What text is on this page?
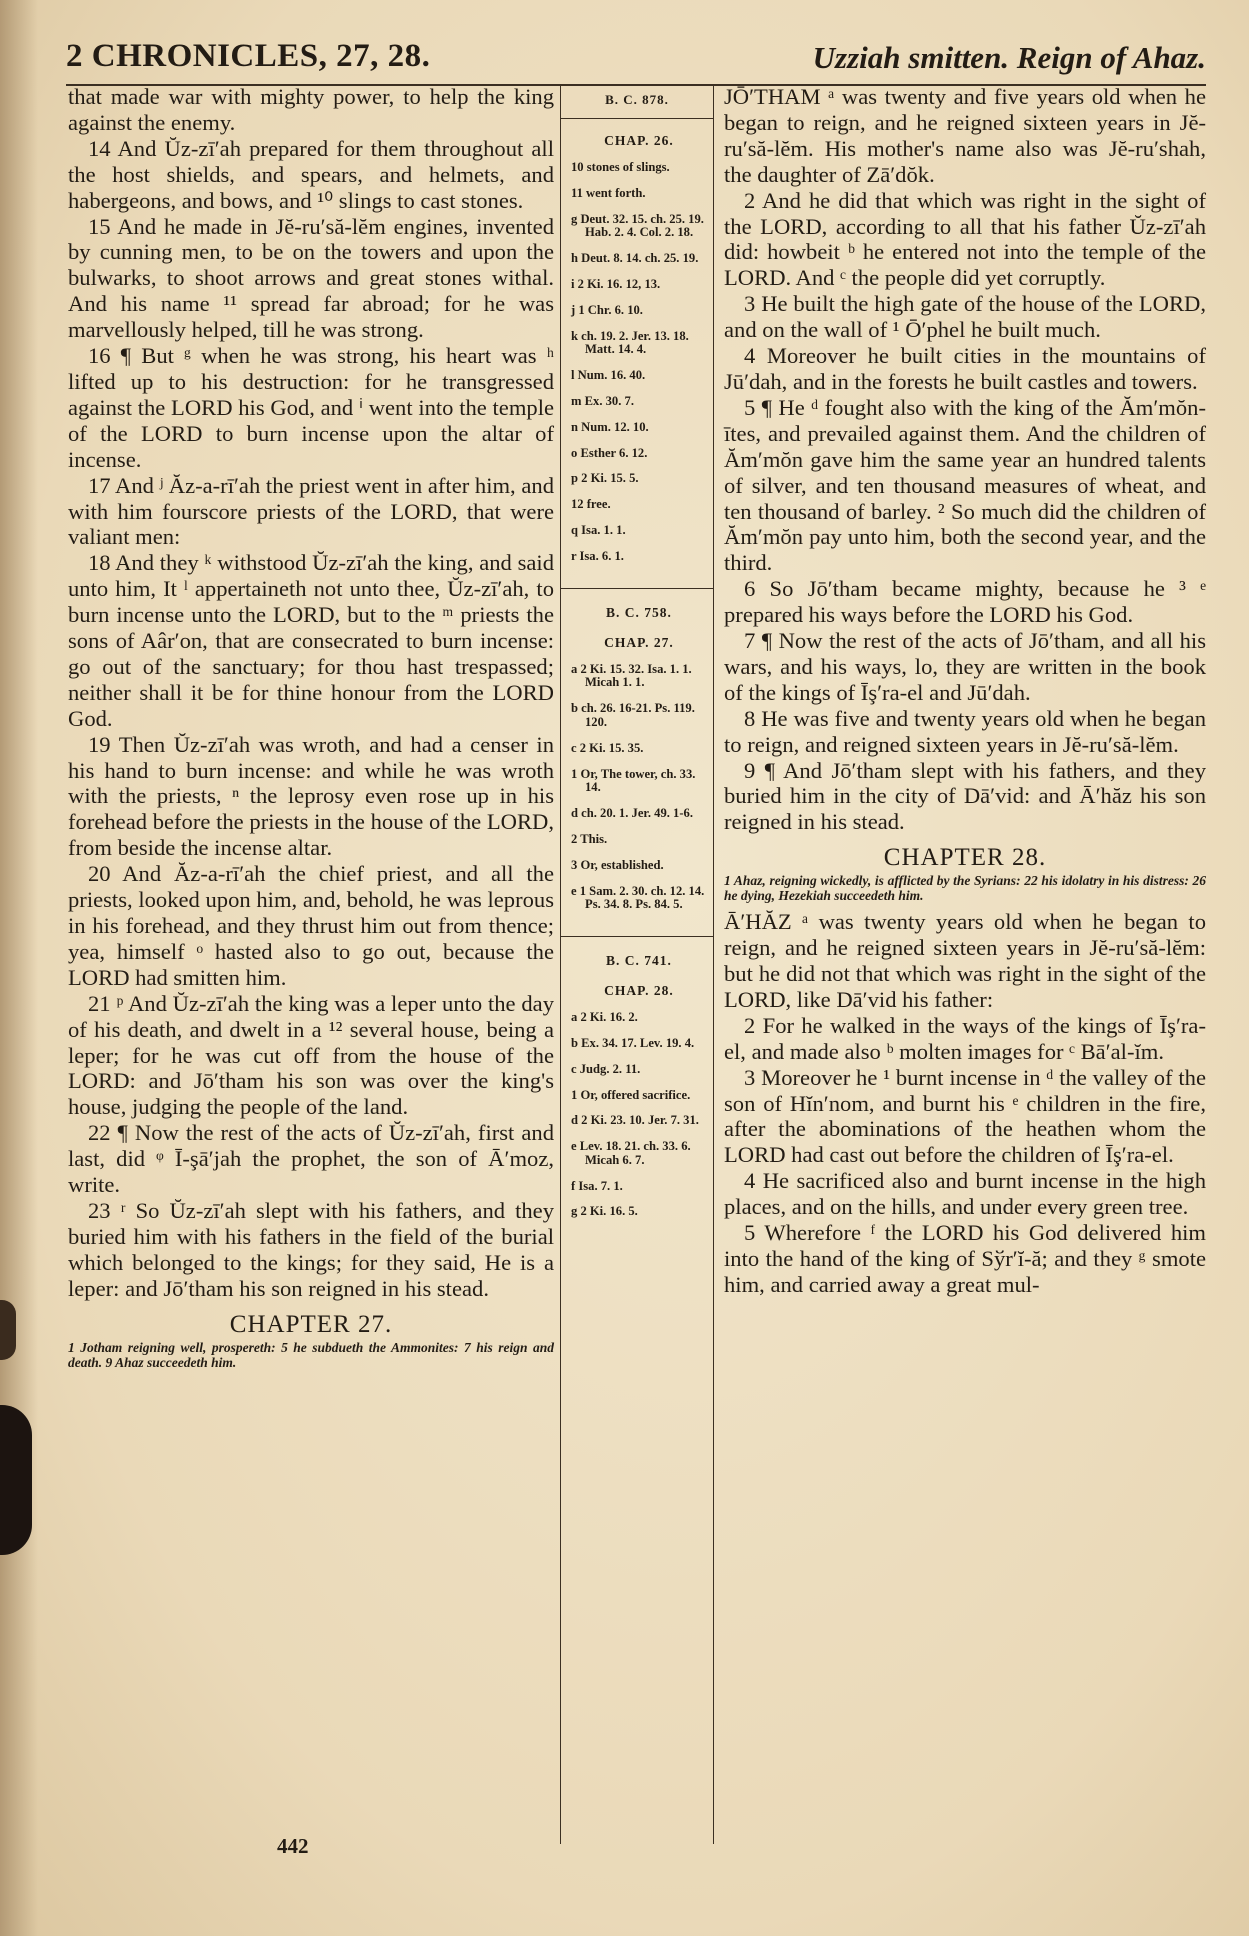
2 CHRONICLES, 27, 28.	Uzziah smitten. Reign of Ahaz.

that made war with mighty power, to help the king against the enemy.

14 And Ŭz-zī′ah prepared for them throughout all the host shields, and spears, and helmets, and habergeons, and bows, and ¹⁰ slings to cast stones.

15 And he made in Jĕ-ru′să-lĕm engines, invented by cunning men, to be on the towers and upon the bulwarks, to shoot arrows and great stones withal. And his name ¹¹ spread far abroad; for he was marvellously helped, till he was strong.

16 ¶ But ᵍ when he was strong, his heart was ʰ lifted up to his destruction: for he transgressed against the LORD his God, and ⁱ went into the temple of the LORD to burn incense upon the altar of incense.

17 And ʲ Ăz-a-rī′ah the priest went in after him, and with him fourscore priests of the LORD, that were valiant men:

18 And they ᵏ withstood Ŭz-zī′ah the king, and said unto him, It ˡ appertaineth not unto thee, Ŭz-zī′ah, to burn incense unto the LORD, but to the ᵐ priests the sons of Aâr′on, that are consecrated to burn incense: go out of the sanctuary; for thou hast trespassed; neither shall it be for thine honour from the LORD God.

19 Then Ŭz-zī′ah was wroth, and had a censer in his hand to burn incense: and while he was wroth with the priests, ⁿ the leprosy even rose up in his forehead before the priests in the house of the LORD, from beside the incense altar.

20 And Ăz-a-rī′ah the chief priest, and all the priests, looked upon him, and, behold, he was leprous in his forehead, and they thrust him out from thence; yea, himself ᵒ hasted also to go out, because the LORD had smitten him.

21 ᵖ And Ŭz-zī′ah the king was a leper unto the day of his death, and dwelt in a ¹² several house, being a leper; for he was cut off from the house of the LORD: and Jō′tham his son was over the king's house, judging the people of the land.

22 ¶ Now the rest of the acts of Ŭz-zī′ah, first and last, did ᵠ Ī-şā′jah the prophet, the son of Ā′moz, write.

23 ʳ So Ŭz-zī′ah slept with his fathers, and they buried him with his fathers in the field of the burial which belonged to the kings; for they said, He is a leper: and Jō′tham his son reigned in his stead.

CHAPTER 27.
1 Jotham reigning well, prospereth: 5 he subdueth the Ammonites: 7 his reign and death. 9 Ahaz succeedeth him.
B. C. 878.
CHAP. 26.
10 stones of slings.
11 went forth.
g Deut. 32. 15. ch. 25. 19. Hab. 2. 4. Col. 2. 18.
h Deut. 8. 14. ch. 25. 19.
i 2 Ki. 16. 12, 13.
j 1 Chr. 6. 10.
k ch. 19. 2. Jer. 13. 18. Matt. 14. 4.
l Num. 16. 40.
m Ex. 30. 7.
n Num. 12. 10.
o Esther 6. 12.
p 2 Ki. 15. 5.
12 free.
q Isa. 1. 1.
r Isa. 6. 1.
B. C. 758.
CHAP. 27.
a 2 Ki. 15. 32. Isa. 1. 1. Micah 1. 1.
b ch. 26. 16-21. Ps. 119. 120.
c 2 Ki. 15. 35.
1 Or, The tower, ch. 33. 14.
d ch. 20. 1. Jer. 49. 1-6.
2 This.
3 Or, established.
e 1 Sam. 2. 30. ch. 12. 14. Ps. 34. 8. Ps. 84. 5.
B. C. 741.
CHAP. 28.
a 2 Ki. 16. 2.
b Ex. 34. 17. Lev. 19. 4.
c Judg. 2. 11.
1 Or, offered sacrifice.
d 2 Ki. 23. 10. Jer. 7. 31.
e Lev. 18. 21. ch. 33. 6. Micah 6. 7.
f Isa. 7. 1.
g 2 Ki. 16. 5.

JŌ′THAM ᵃ was twenty and five years old when he began to reign, and he reigned sixteen years in Jĕ-ru′să-lĕm. His mother's name also was Jĕ-ru′shah, the daughter of Zā′dŏk.

2 And he did that which was right in the sight of the LORD, according to all that his father Ŭz-zī′ah did: howbeit ᵇ he entered not into the temple of the LORD. And ᶜ the people did yet corruptly.

3 He built the high gate of the house of the LORD, and on the wall of ¹ Ō′phel he built much.

4 Moreover he built cities in the mountains of Jū′dah, and in the forests he built castles and towers.

5 ¶ He ᵈ fought also with the king of the Ăm′mŏn-ītes, and prevailed against them. And the children of Ăm′mŏn gave him the same year an hundred talents of silver, and ten thousand measures of wheat, and ten thousand of barley. ² So much did the children of Ăm′mŏn pay unto him, both the second year, and the third.

6 So Jō′tham became mighty, because he ³ ᵉ prepared his ways before the LORD his God.

7 ¶ Now the rest of the acts of Jō′tham, and all his wars, and his ways, lo, they are written in the book of the kings of Īş′ra-el and Jū′dah.

8 He was five and twenty years old when he began to reign, and reigned sixteen years in Jĕ-ru′să-lĕm.

9 ¶ And Jō′tham slept with his fathers, and they buried him in the city of Dā′vid: and Ā′hăz his son reigned in his stead.

CHAPTER 28.
1 Ahaz, reigning wickedly, is afflicted by the Syrians: 22 his idolatry in his distress: 26 he dying, Hezekiah succeedeth him.

Ā′HĂZ ᵃ was twenty years old when he began to reign, and he reigned sixteen years in Jĕ-ru′să-lĕm: but he did not that which was right in the sight of the LORD, like Dā′vid his father:

2 For he walked in the ways of the kings of Īş′ra-el, and made also ᵇ molten images for ᶜ Bā′al-ĭm.

3 Moreover he ¹ burnt incense in ᵈ the valley of the son of Hĭn′nom, and burnt his ᵉ children in the fire, after the abominations of the heathen whom the LORD had cast out before the children of Īş′ra-el.

4 He sacrificed also and burnt incense in the high places, and on the hills, and under every green tree.

5 Wherefore ᶠ the LORD his God delivered him into the hand of the king of Sўr′ĭ-ă; and they ᵍ smote him, and carried away a great mul-

442
